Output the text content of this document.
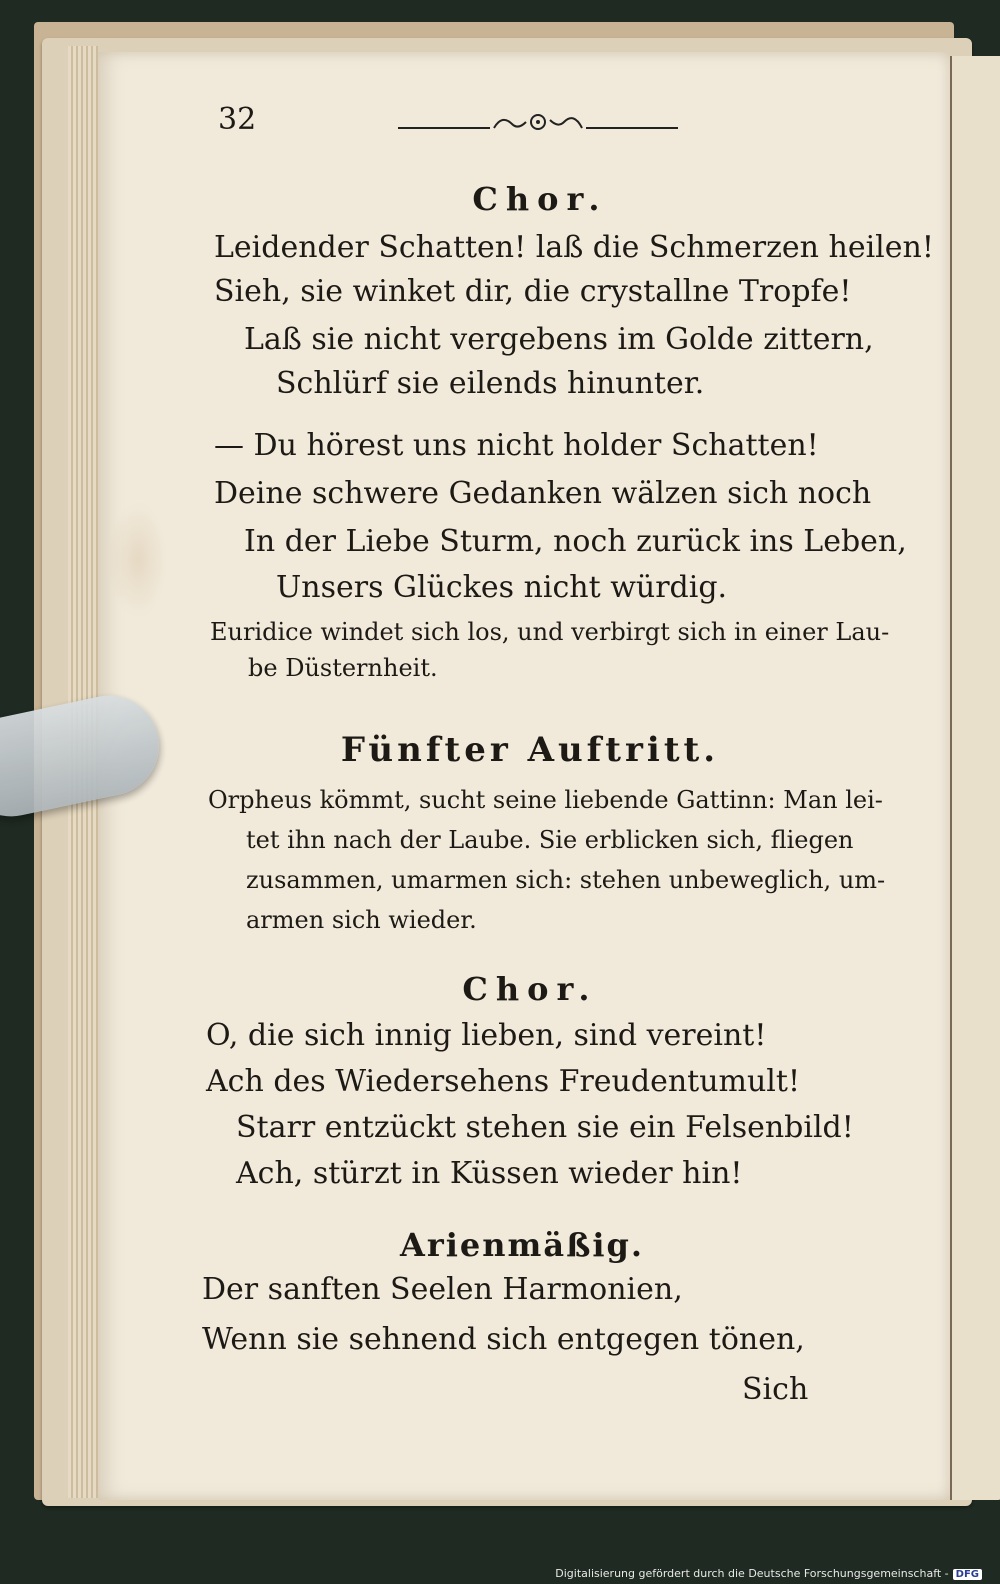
32
Chor.
Leidender Schatten! laß die Schmerzen heilen!
Sieh, sie winket dir, die crystallne Tropfe!
Laß sie nicht vergebens im Golde zittern,
Schlürf sie eilends hinunter.
— Du hörest uns nicht holder Schatten!
Deine schwere Gedanken wälzen sich noch
In der Liebe Sturm, noch zurück ins Leben,
Unsers Glückes nicht würdig.
Euridice windet sich los, und verbirgt sich in einer Lau-
be Düsternheit.
Fünfter Auftritt.
Orpheus kömmt, sucht seine liebende Gattinn: Man lei-
tet ihn nach der Laube. Sie erblicken sich, fliegen
zusammen, umarmen sich: stehen unbeweglich, um-
armen sich wieder.
Chor.
O, die sich innig lieben, sind vereint!
Ach des Wiedersehens Freudentumult!
Starr entzückt stehen sie ein Felsenbild!
Ach, stürzt in Küssen wieder hin!
Arienmäßig.
Der sanften Seelen Harmonien,
Wenn sie sehnend sich entgegen tönen,
Sich
Digitalisierung gefördert durch die Deutsche Forschungsgemeinschaft - DFG
